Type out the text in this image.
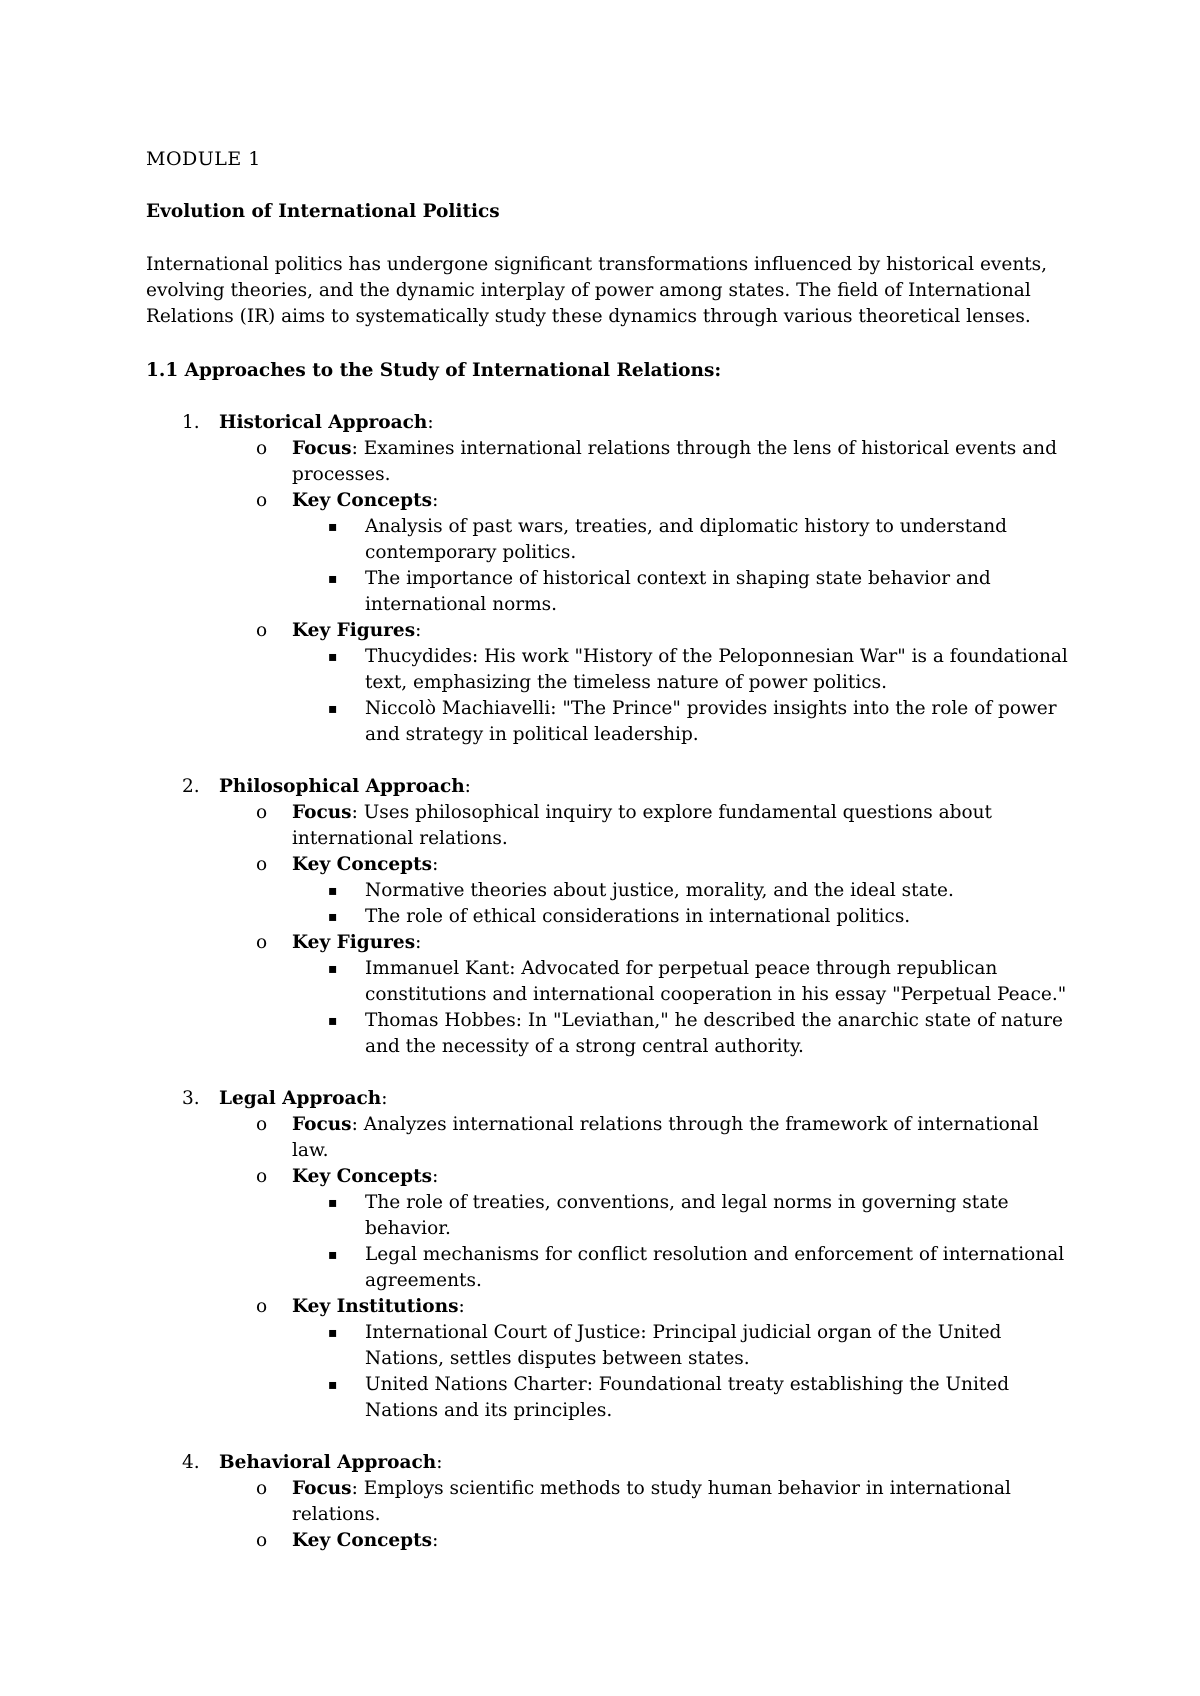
MODULE 1
Evolution of International Politics
International politics has undergone significant transformations influenced by historical events, evolving theories, and the dynamic interplay of power among states. The field of International Relations (IR) aims to systematically study these dynamics through various theoretical lenses.
1.1 Approaches to the Study of International Relations:
1.	Historical Approach:
o Focus: Examines international relations through the lens of historical events and processes.
o Key Concepts:
▪ Analysis of past wars, treaties, and diplomatic history to understand contemporary politics.
▪ The importance of historical context in shaping state behavior and international norms.
o Key Figures:
▪ Thucydides: His work "History of the Peloponnesian War" is a foundational text, emphasizing the timeless nature of power politics.
▪ Niccolò Machiavelli: "The Prince" provides insights into the role of power and strategy in political leadership.
2.	Philosophical Approach:
o Focus: Uses philosophical inquiry to explore fundamental questions about international relations.
o Key Concepts:
▪ Normative theories about justice, morality, and the ideal state.
▪ The role of ethical considerations in international politics.
o Key Figures:
▪ Immanuel Kant: Advocated for perpetual peace through republican constitutions and international cooperation in his essay "Perpetual Peace."
▪ Thomas Hobbes: In "Leviathan," he described the anarchic state of nature and the necessity of a strong central authority.
3.	Legal Approach:
o Focus: Analyzes international relations through the framework of international law.
o Key Concepts:
▪ The role of treaties, conventions, and legal norms in governing state behavior.
▪ Legal mechanisms for conflict resolution and enforcement of international agreements.
o Key Institutions:
▪ International Court of Justice: Principal judicial organ of the United Nations, settles disputes between states.
▪ United Nations Charter: Foundational treaty establishing the United Nations and its principles.
4.	Behavioral Approach:
o Focus: Employs scientific methods to study human behavior in international relations.
o Key Concepts:
